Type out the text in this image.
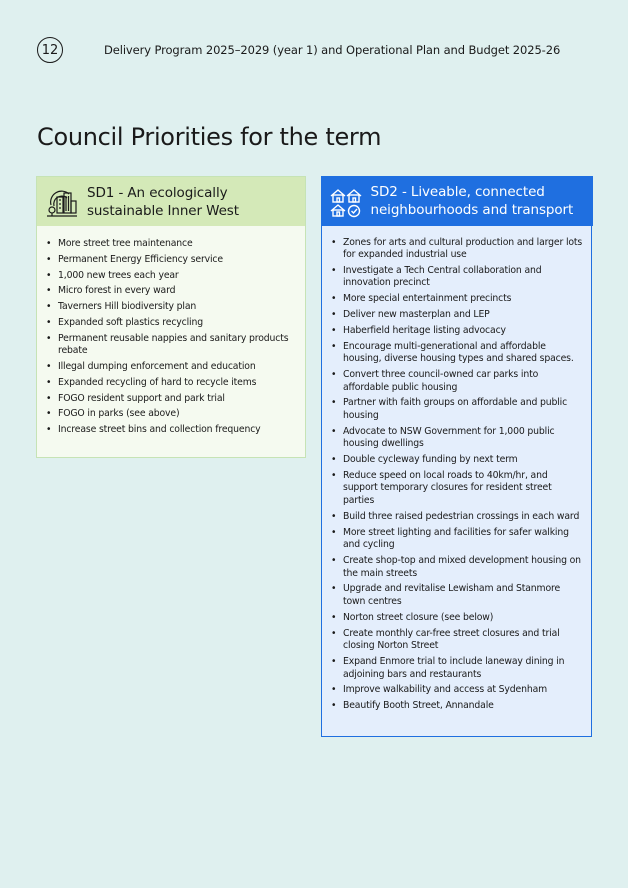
12	Delivery Program 2025–2029 (year 1) and Operational Plan and Budget 2025-26
Council Priorities for the term
SD1 - An ecologically sustainable Inner West
• More street tree maintenance
• Permanent Energy Efficiency service
• 1,000 new trees each year
• Micro forest in every ward
• Taverners Hill biodiversity plan
• Expanded soft plastics recycling
• Permanent reusable nappies and sanitary products rebate
• Illegal dumping enforcement and education
• Expanded recycling of hard to recycle items
• FOGO resident support and park trial
• FOGO in parks (see above)
• Increase street bins and collection frequency
SD2 - Liveable, connected neighbourhoods and transport
• Zones for arts and cultural production and larger lots for expanded industrial use
• Investigate a Tech Central collaboration and innovation precinct
• More special entertainment precincts
• Deliver new masterplan and LEP
• Haberfield heritage listing advocacy
• Encourage multi-generational and affordable housing, diverse housing types and shared spaces.
• Convert three council-owned car parks into affordable public housing
• Partner with faith groups on affordable and public housing
• Advocate to NSW Government for 1,000 public housing dwellings
• Double cycleway funding by next term
• Reduce speed on local roads to 40km/hr, and support temporary closures for resident street parties
• Build three raised pedestrian crossings in each ward
• More street lighting and facilities for safer walking and cycling
• Create shop-top and mixed development housing on the main streets
• Upgrade and revitalise Lewisham and Stanmore town centres
• Norton street closure (see below)
• Create monthly car-free street closures and trial closing Norton Street
• Expand Enmore trial to include laneway dining in adjoining bars and restaurants
• Improve walkability and access at Sydenham
• Beautify Booth Street, Annandale
